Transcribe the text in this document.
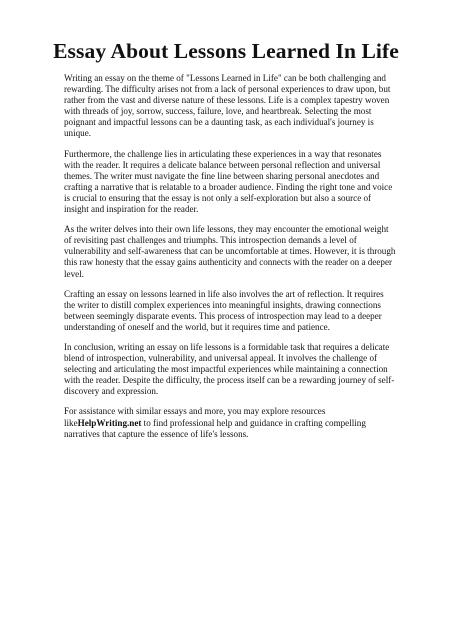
Essay About Lessons Learned In Life

Writing an essay on the theme of "Lessons Learned in Life" can be both challenging and rewarding. The difficulty arises not from a lack of personal experiences to draw upon, but rather from the vast and diverse nature of these lessons. Life is a complex tapestry woven with threads of joy, sorrow, success, failure, love, and heartbreak. Selecting the most poignant and impactful lessons can be a daunting task, as each individual's journey is unique.

Furthermore, the challenge lies in articulating these experiences in a way that resonates with the reader. It requires a delicate balance between personal reflection and universal themes. The writer must navigate the fine line between sharing personal anecdotes and crafting a narrative that is relatable to a broader audience. Finding the right tone and voice is crucial to ensuring that the essay is not only a self-exploration but also a source of insight and inspiration for the reader.

As the writer delves into their own life lessons, they may encounter the emotional weight of revisiting past challenges and triumphs. This introspection demands a level of vulnerability and self-awareness that can be uncomfortable at times. However, it is through this raw honesty that the essay gains authenticity and connects with the reader on a deeper level.

Crafting an essay on lessons learned in life also involves the art of reflection. It requires the writer to distill complex experiences into meaningful insights, drawing connections between seemingly disparate events. This process of introspection may lead to a deeper understanding of oneself and the world, but it requires time and patience.

In conclusion, writing an essay on life lessons is a formidable task that requires a delicate blend of introspection, vulnerability, and universal appeal. It involves the challenge of selecting and articulating the most impactful experiences while maintaining a connection with the reader. Despite the difficulty, the process itself can be a rewarding journey of self-discovery and expression.

For assistance with similar essays and more, you may explore resources likeHelpWriting.net to find professional help and guidance in crafting compelling narratives that capture the essence of life's lessons.
